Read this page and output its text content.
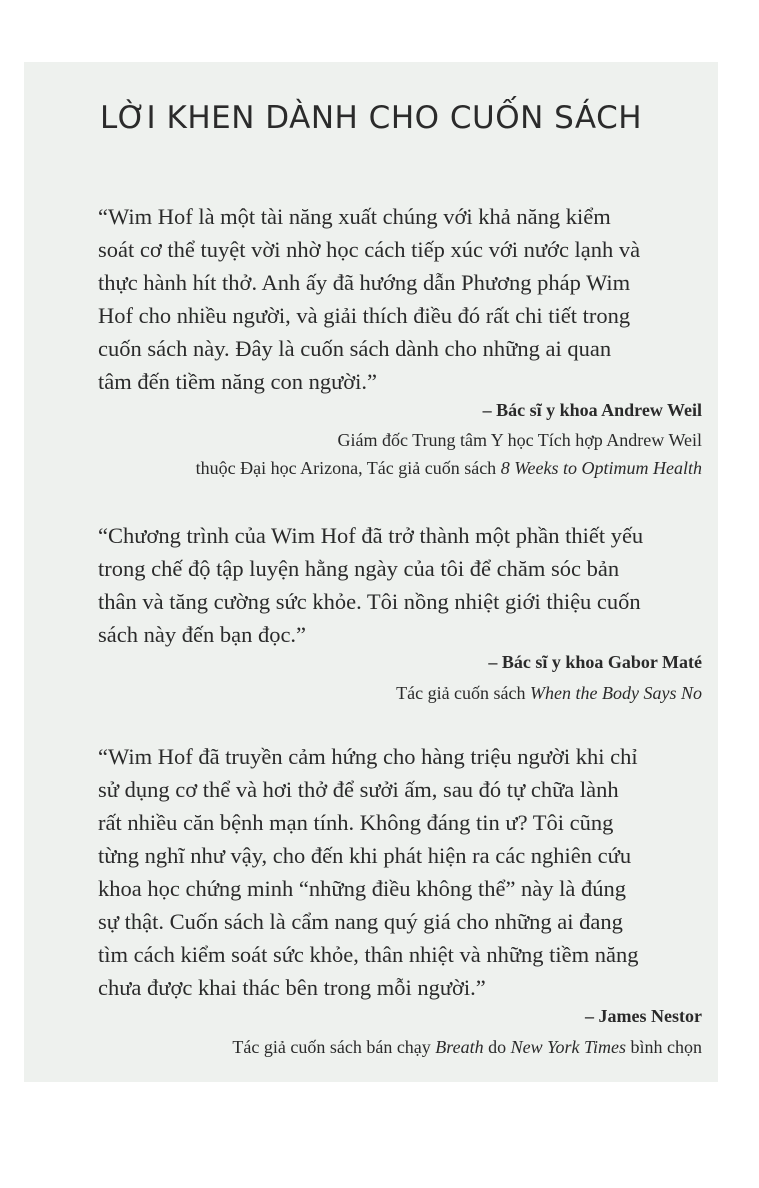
LỜI KHEN DÀNH CHO CUỐN SÁCH
“Wim Hof là một tài năng xuất chúng với khả năng kiểm
soát cơ thể tuyệt vời nhờ học cách tiếp xúc với nước lạnh và
thực hành hít thở. Anh ấy đã hướng dẫn Phương pháp Wim
Hof cho nhiều người, và giải thích điều đó rất chi tiết trong
cuốn sách này. Đây là cuốn sách dành cho những ai quan
tâm đến tiềm năng con người.”
– Bác sĩ y khoa Andrew Weil
Giám đốc Trung tâm Y học Tích hợp Andrew Weil
thuộc Đại học Arizona, Tác giả cuốn sách 8 Weeks to Optimum Health
“Chương trình của Wim Hof đã trở thành một phần thiết yếu
trong chế độ tập luyện hằng ngày của tôi để chăm sóc bản
thân và tăng cường sức khỏe. Tôi nồng nhiệt giới thiệu cuốn
sách này đến bạn đọc.”
– Bác sĩ y khoa Gabor Maté
Tác giả cuốn sách When the Body Says No
“Wim Hof đã truyền cảm hứng cho hàng triệu người khi chỉ
sử dụng cơ thể và hơi thở để sưởi ấm, sau đó tự chữa lành
rất nhiều căn bệnh mạn tính. Không đáng tin ư? Tôi cũng
từng nghĩ như vậy, cho đến khi phát hiện ra các nghiên cứu
khoa học chứng minh “những điều không thể” này là đúng
sự thật. Cuốn sách là cẩm nang quý giá cho những ai đang
tìm cách kiểm soát sức khỏe, thân nhiệt và những tiềm năng
chưa được khai thác bên trong mỗi người.”
– James Nestor
Tác giả cuốn sách bán chạy Breath do New York Times bình chọn
